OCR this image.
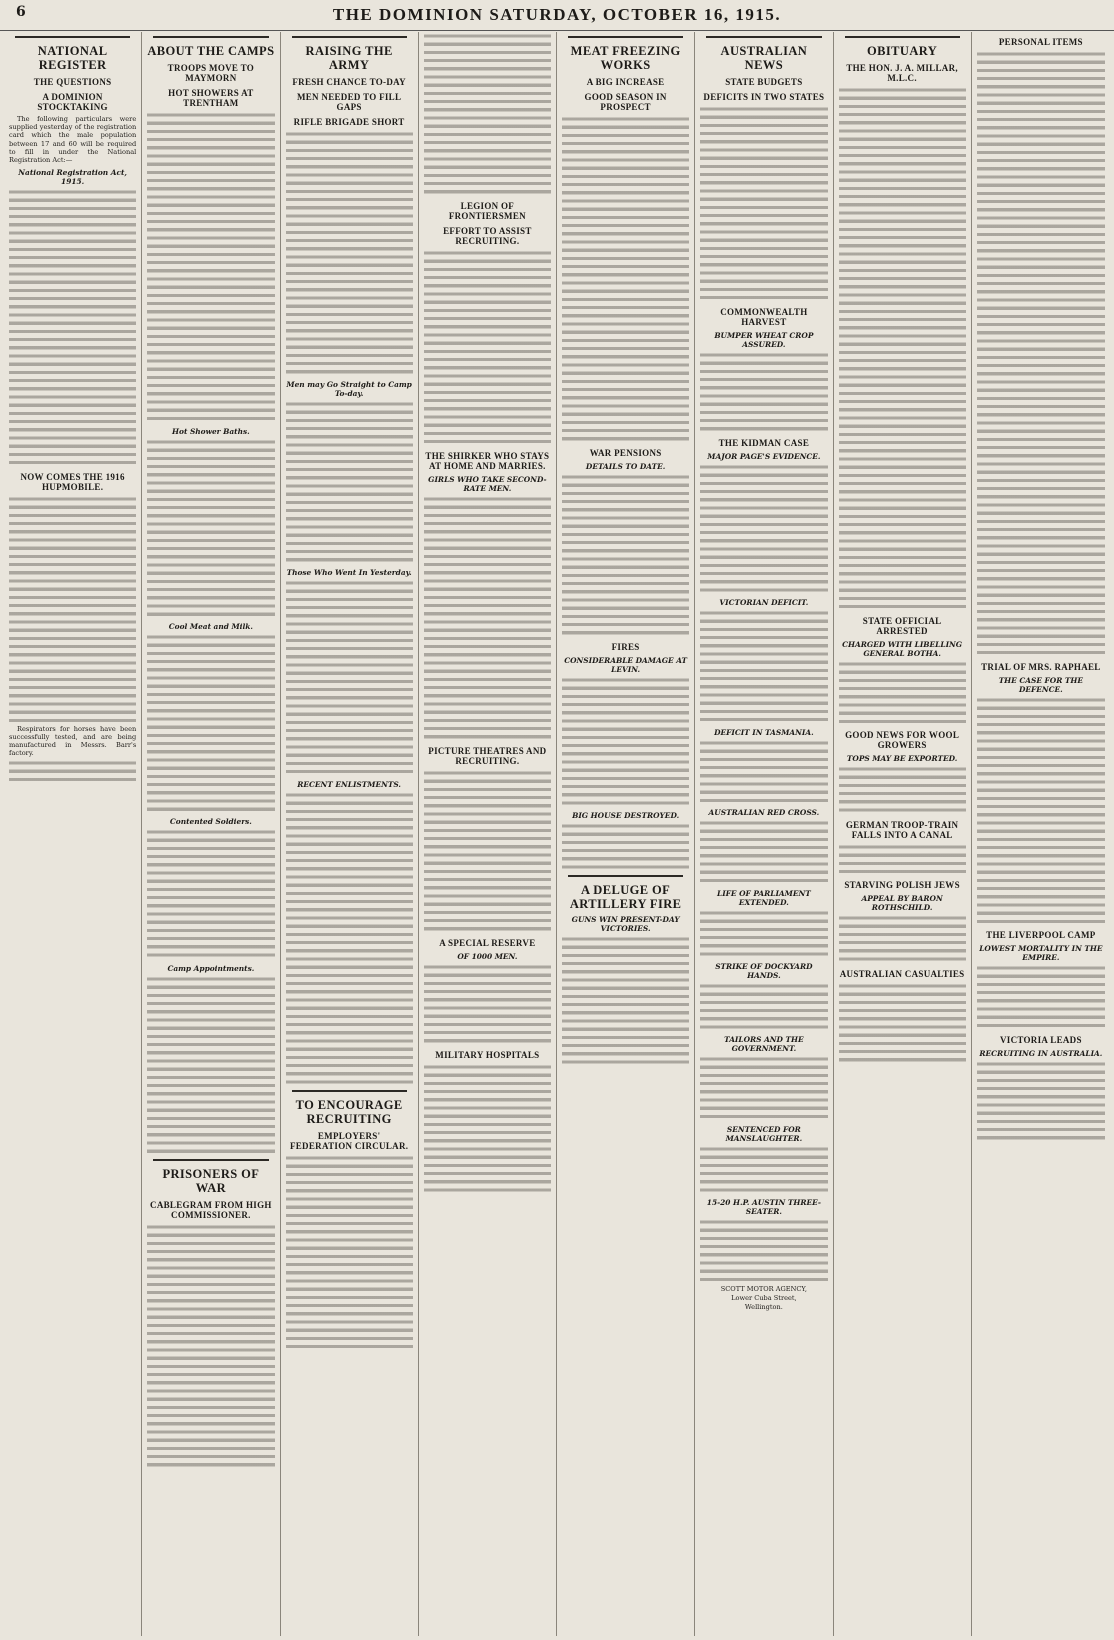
6	THE DOMINION SATURDAY, OCTOBER 16, 1915.
NATIONAL REGISTER
THE QUESTIONS
A DOMINION STOCKTAKING

The following particulars were supplied yesterday of the registration card which the male population between 17 and 60 will be required to fill in under the National Registration Act:—

National Registration Act, 1915.
NOW COMES THE 1916 HUPMOBILE.

Respirators for horses have been successfully tested, and are being manufactured in Messrs. Barr's factory.

ABOUT THE CAMPS
TROOPS MOVE TO MAYMORN
HOT SHOWERS AT TRENTHAM
Hot Shower Baths.
Cool Meat and Milk.
Contented Soldiers.
Camp Appointments.
PRISONERS OF WAR
CABLEGRAM FROM HIGH COMMISSIONER.
RAISING THE ARMY
FRESH CHANCE TO-DAY
MEN NEEDED TO FILL GAPS
RIFLE BRIGADE SHORT
Men may Go Straight to Camp To-day.
Those Who Went In Yesterday.
RECENT ENLISTMENTS.
TO ENCOURAGE RECRUITING
EMPLOYERS' FEDERATION CIRCULAR.
LEGION OF FRONTIERSMEN
EFFORT TO ASSIST RECRUITING.
THE SHIRKER WHO STAYS AT HOME AND MARRIES.
GIRLS WHO TAKE SECOND-RATE MEN.
PICTURE THEATRES AND RECRUITING.
A SPECIAL RESERVE
OF 1000 MEN.
MILITARY HOSPITALS
MEAT FREEZING WORKS
A BIG INCREASE
GOOD SEASON IN PROSPECT
WAR PENSIONS
DETAILS TO DATE.
FIRES
CONSIDERABLE DAMAGE AT LEVIN.
BIG HOUSE DESTROYED.
A DELUGE OF ARTILLERY FIRE
GUNS WIN PRESENT-DAY VICTORIES.
AUSTRALIAN NEWS
STATE BUDGETS
DEFICITS IN TWO STATES
COMMONWEALTH HARVEST
BUMPER WHEAT CROP ASSURED.
THE KIDMAN CASE
MAJOR PAGE'S EVIDENCE.
VICTORIAN DEFICIT.
DEFICIT IN TASMANIA.
AUSTRALIAN RED CROSS.
LIFE OF PARLIAMENT EXTENDED.
STRIKE OF DOCKYARD HANDS.
TAILORS AND THE GOVERNMENT.
SENTENCED FOR MANSLAUGHTER.
15-20 H.P. AUSTIN THREE-SEATER.
SCOTT MOTOR AGENCY,
Lower Cuba Street,
Wellington.
OBITUARY
THE HON. J. A. MILLAR, M.L.C.
STATE OFFICIAL ARRESTED
CHARGED WITH LIBELLING GENERAL BOTHA.
GOOD NEWS FOR WOOL GROWERS
TOPS MAY BE EXPORTED.
GERMAN TROOP-TRAIN FALLS INTO A CANAL
STARVING POLISH JEWS
APPEAL BY BARON ROTHSCHILD.
AUSTRALIAN CASUALTIES
PERSONAL ITEMS
TRIAL OF MRS. RAPHAEL
THE CASE FOR THE DEFENCE.
THE LIVERPOOL CAMP
LOWEST MORTALITY IN THE EMPIRE.
VICTORIA LEADS
RECRUITING IN AUSTRALIA.
